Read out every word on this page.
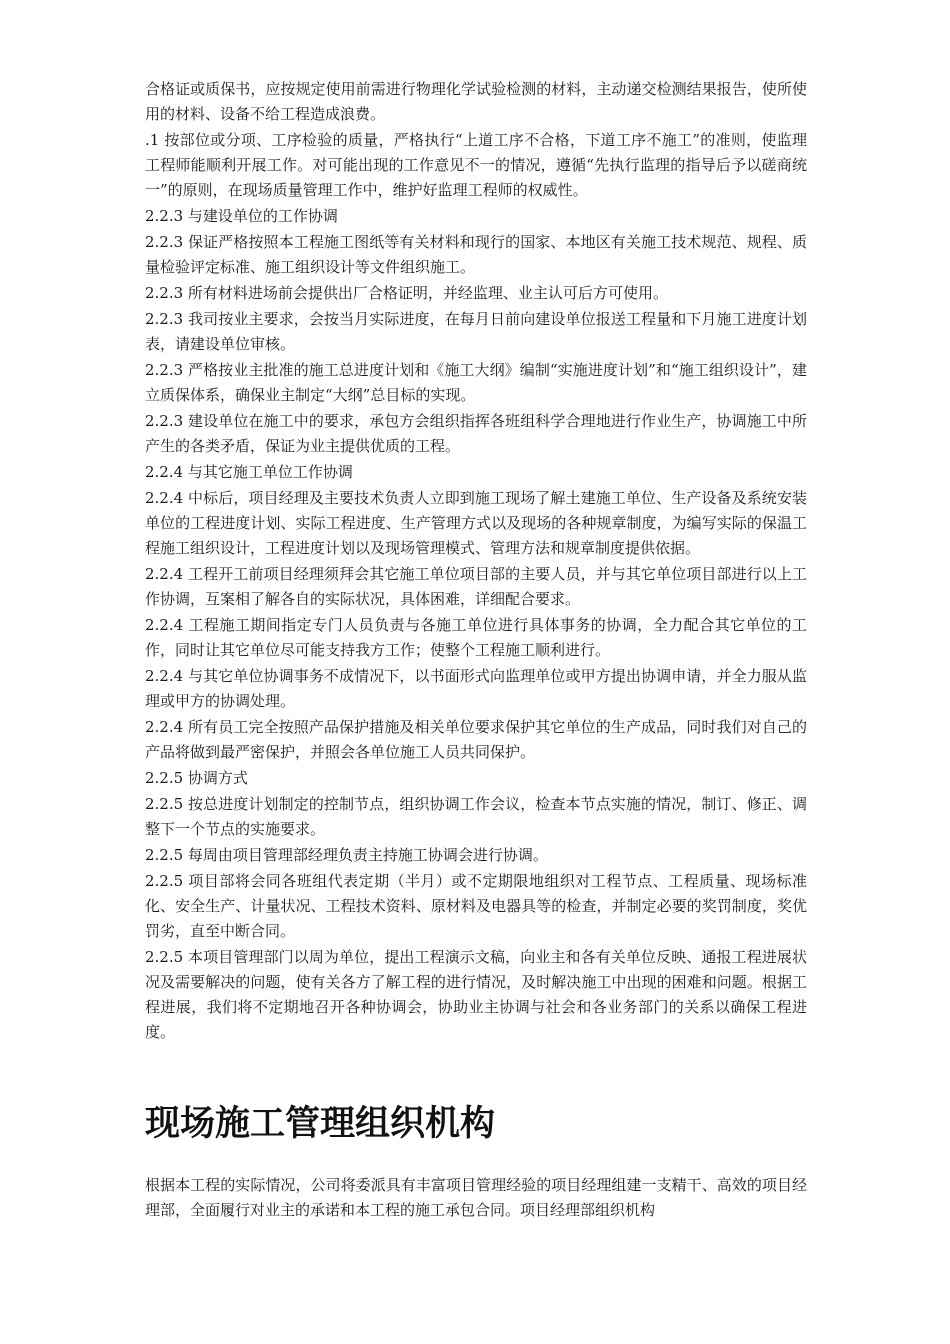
合格证或质保书，应按规定使用前需进行物理化学试验检测的材料，主动递交检测结果报告，使所使用的材料、设备不给工程造成浪费。

.1 按部位或分项、工序检验的质量，严格执行“上道工序不合格，下道工序不施工”的准则，使监理工程师能顺利开展工作。对可能出现的工作意见不一的情况，遵循“先执行监理的指导后予以磋商统一”的原则，在现场质量管理工作中，维护好监理工程师的权威性。

2.2.3 与建设单位的工作协调

2.2.3 保证严格按照本工程施工图纸等有关材料和现行的国家、本地区有关施工技术规范、规程、质量检验评定标准、施工组织设计等文件组织施工。

2.2.3 所有材料进场前会提供出厂合格证明，并经监理、业主认可后方可使用。

2.2.3 我司按业主要求，会按当月实际进度，在每月日前向建设单位报送工程量和下月施工进度计划表，请建设单位审核。

2.2.3 严格按业主批准的施工总进度计划和《施工大纲》编制“实施进度计划”和“施工组织设计”，建立质保体系，确保业主制定“大纲”总目标的实现。

2.2.3 建设单位在施工中的要求，承包方会组织指挥各班组科学合理地进行作业生产，协调施工中所产生的各类矛盾，保证为业主提供优质的工程。

2.2.4 与其它施工单位工作协调

2.2.4 中标后，项目经理及主要技术负责人立即到施工现场了解土建施工单位、生产设备及系统安装单位的工程进度计划、实际工程进度、生产管理方式以及现场的各种规章制度，为编写实际的保温工程施工组织设计，工程进度计划以及现场管理模式、管理方法和规章制度提供依据。

2.2.4 工程开工前项目经理须拜会其它施工单位项目部的主要人员，并与其它单位项目部进行以上工作协调，互案相了解各自的实际状况，具体困难，详细配合要求。

2.2.4 工程施工期间指定专门人员负责与各施工单位进行具体事务的协调，全力配合其它单位的工作，同时让其它单位尽可能支持我方工作；使整个工程施工顺利进行。

2.2.4 与其它单位协调事务不成情况下，以书面形式向监理单位或甲方提出协调申请，并全力服从监理或甲方的协调处理。

2.2.4 所有员工完全按照产品保护措施及相关单位要求保护其它单位的生产成品，同时我们对自己的产品将做到最严密保护，并照会各单位施工人员共同保护。

2.2.5 协调方式

2.2.5 按总进度计划制定的控制节点，组织协调工作会议，检查本节点实施的情况，制订、修正、调整下一个节点的实施要求。

2.2.5 每周由项目管理部经理负责主持施工协调会进行协调。

2.2.5 项目部将会同各班组代表定期（半月）或不定期限地组织对工程节点、工程质量、现场标准化、安全生产、计量状况、工程技术资料、原材料及电器具等的检查，并制定必要的奖罚制度，奖优罚劣，直至中断合同。

2.2.5 本项目管理部门以周为单位，提出工程演示文稿，向业主和各有关单位反映、通报工程进展状况及需要解决的问题，使有关各方了解工程的进行情况，及时解决施工中出现的困难和问题。根据工程进展，我们将不定期地召开各种协调会，协助业主协调与社会和各业务部门的关系以确保工程进度。

现场施工管理组织机构

根据本工程的实际情况，公司将委派具有丰富项目管理经验的项目经理组建一支精干、高效的项目经理部，全面履行对业主的承诺和本工程的施工承包合同。项目经理部组织机构
